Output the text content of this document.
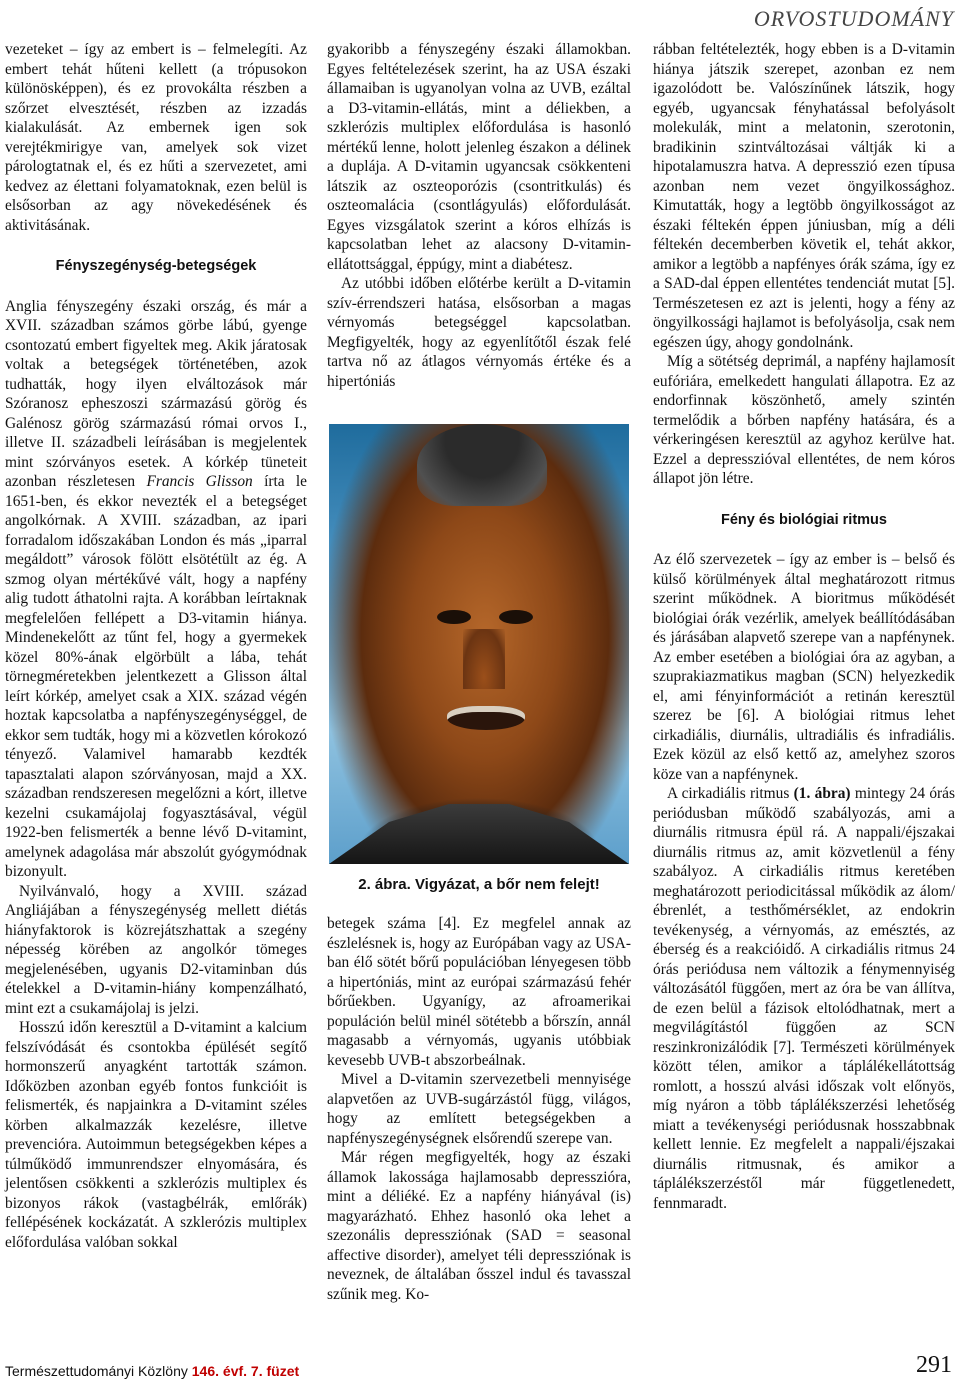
ORVOSTUDOMÁNY

vezeteket – így az embert is – felmelegíti. Az embert tehát hűteni kellett (a trópusokon különösképpen), és ez provokálta részben a szőrzet elvesztését, részben az izzadás kialakulását. Az embernek igen sok verejtékmirigye van, amelyek sok vizet párologtatnak el, és ez hűti a szervezetet, ami kedvez az élettani folyamatoknak, ezen belül is elsősorban az agy növekedésének és aktivitásának.

Fényszegénység-betegségek

Anglia fényszegény északi ország, és már a XVII. században számos görbe lábú, gyenge csontozatú embert figyeltek meg. Akik járatosak voltak a betegségek történetében, azok tudhatták, hogy ilyen elváltozások már Szóranosz epheszoszi származású görög és Galénosz görög származású római orvos I., illetve II. századbeli leírásában is megjelentek mint szórványos esetek. A kórkép tüneteit azonban részletesen Francis Glisson írta le 1651-ben, és ekkor nevezték el a betegséget angolkórnak. A XVIII. században, az ipari forradalom időszakában London és más „iparral megáldott” városok fölött elsötétült az ég. A szmog olyan mértékűvé vált, hogy a napfény alig tudott áthatolni rajta. A korábban leírtaknak megfelelően fellépett a D3-vitamin hiánya. Mindenekelőtt az tűnt fel, hogy a gyermekek közel 80%-ának elgörbült a lába, tehát törnegméretekben jelentkezett a Glisson által leírt kórkép, amelyet csak a XIX. század végén hoztak kapcsolatba a napfényszegénységgel, de ekkor sem tudták, hogy mi a közvetlen kórokozó tényező. Valamivel hamarabb kezdték tapasztalati alapon szórványosan, majd a XX. században rendszeresen megelőzni a kórt, illetve kezelni csukamájolaj fogyasztásával, végül 1922-ben felismerték a benne lévő D-vitamint, amelynek adagolása már abszolút gyógymódnak bizonyult.

Nyilvánvaló, hogy a XVIII. század Angliájában a fényszegénység mellett diétás hiányfaktorok is közrejátszhattak a szegény népesség körében az angolkór tömeges megjelenésében, ugyanis D2-vitaminban dús ételekkel a D-vitamin-hiány kompenzálható, mint ezt a csukamájolaj is jelzi.

Hosszú időn keresztül a D-vitamint a kalcium felszívódását és csontokba épülését segítő hormonszerű anyagként tartották számon. Időközben azonban egyéb fontos funkcióit is felismerték, és napjainkra a D-vitamint széles körben alkalmazzák kezelésre, illetve prevencióra. Autoimmun betegségekben képes a túlműködő immunrendszer elnyomására, és jelentősen csökkenti a szklerózis multiplex és bizonyos rákok (vastagbélrák, emlőrák) fellépésének kockázatát. A szklerózis multiplex előfordulása valóban sokkal

gyakoribb a fényszegény északi államokban. Egyes feltételezések szerint, ha az USA északi államaiban is ugyanolyan volna az UVB, ezáltal a D3-vitamin-ellátás, mint a déliekben, a szklerózis multiplex előfordulása is hasonló mértékű lenne, holott jelenleg északon a délinek a duplája. A D-vitamin ugyancsak csökkenteni látszik az oszteoporózis (csontritkulás) és oszteomalácia (csontlágyulás) előfordulását. Egyes vizsgálatok szerint a kóros elhízás is kapcsolatban lehet az alacsony D-vitamin-ellátottsággal, éppúgy, mint a diabétesz.

Az utóbbi időben előtérbe került a D-vitamin szív-érrendszeri hatása, elsősorban a magas vérnyomás betegséggel kapcsolatban. Megfigyelték, hogy az egyenlítőtől észak felé tartva nő az átlagos vérnyomás értéke és a hipertóniás

2. ábra. Vigyázat, a bőr nem felejt!

betegek száma [4]. Ez megfelel annak az észlelésnek is, hogy az Európában vagy az USA-ban élő sötét bőrű populációban lényegesen több a hipertóniás, mint az európai származású fehér bőrűekben. Ugyanígy, az afroamerikai populáción belül minél sötétebb a bőrszín, annál magasabb a vérnyomás, ugyanis utóbbiak kevesebb UVB-t abszorbeálnak.

Mivel a D-vitamin szervezetbeli mennyisége alapvetően az UVB-sugárzástól függ, világos, hogy az említett betegségekben a napfényszegénységnek elsőrendű szerepe van.

Már régen megfigyelték, hogy az északi államok lakossága hajlamosabb depresszióra, mint a déliéké. Ez a napfény hiányával (is) magyarázható. Ehhez hasonló oka lehet a szezonális depressziónak (SAD = seasonal affective disorder), amelyet téli depressziónak is neveznek, de általában ősszel indul és tavasszal szűnik meg. Ko-

rábban feltételezték, hogy ebben is a D-vitamin hiánya játszik szerepet, azonban ez nem igazolódott be. Valószínűnek látszik, hogy egyéb, ugyancsak fényhatással befolyásolt molekulák, mint a melatonin, szerotonin, bradikinin szintváltozásai váltják ki a hipotalamuszra hatva. A depresszió ezen típusa azonban nem vezet öngyilkossághoz. Kimutatták, hogy a legtöbb öngyilkosságot az északi féltekén éppen júniusban, míg a déli féltekén decemberben követik el, tehát akkor, amikor a legtöbb a napfényes órák száma, így ez a SAD-dal éppen ellentétes tendenciát mutat [5]. Természetesen ez azt is jelenti, hogy a fény az öngyilkossági hajlamot is befolyásolja, csak nem egészen úgy, ahogy gondolnánk.

Míg a sötétség deprimál, a napfény hajlamosít eufóriára, emelkedett hangulati állapotra. Ez az endorfinnak köszönhető, amely szintén termelődik a bőrben napfény hatására, és a vérkeringésen keresztül az agyhoz kerülve hat. Ezzel a depresszióval ellentétes, de nem kóros állapot jön létre.

Fény és biológiai ritmus

Az élő szervezetek – így az ember is – belső és külső körülmények által meghatározott ritmus szerint működnek. A bioritmus működését biológiai órák vezérlik, amelyek beállítódásában és járásában alapvető szerepe van a napfénynek. Az ember esetében a biológiai óra az agyban, a szuprakiazmatikus magban (SCN) helyezkedik el, ami fényinformációt a retinán keresztül szerez be [6]. A biológiai ritmus lehet cirkadiális, diurnális, ultradiális és infradiális. Ezek közül az első kettő az, amelyhez szoros köze van a napfénynek.

A cirkadiális ritmus (1. ábra) mintegy 24 órás periódusban működő szabályozás, ami a diurnális ritmusra épül rá. A nappali/éjszakai diurnális ritmus az, amit közvetlenül a fény szabályoz. A cirkadiális ritmus keretében meghatározott periodicitással működik az álom/ébrenlét, a testhőmérséklet, az endokrin tevékenység, a vérnyomás, az emésztés, az éberség és a reakcióidő. A cirkadiális ritmus 24 órás periódusa nem változik a fénymennyiség változásától függően, mert az óra be van állítva, de ezen belül a fázisok eltolódhatnak, mert a megvilágítástól függően az SCN reszinkronizálódik [7]. Természeti körülmények között télen, amikor a táplálékellátottság romlott, a hosszú alvási időszak volt előnyös, míg nyáron a több táplálékszerzési lehetőség miatt a tevékenységi periódusnak hosszabbnak kellett lennie. Ez megfelelt a nappali/éjszakai diurnális ritmusnak, és amikor a táplálékszerzéstől már függetlenedett, fennmaradt.

Természettudományi Közlöny 146. évf. 7. füzet	291
